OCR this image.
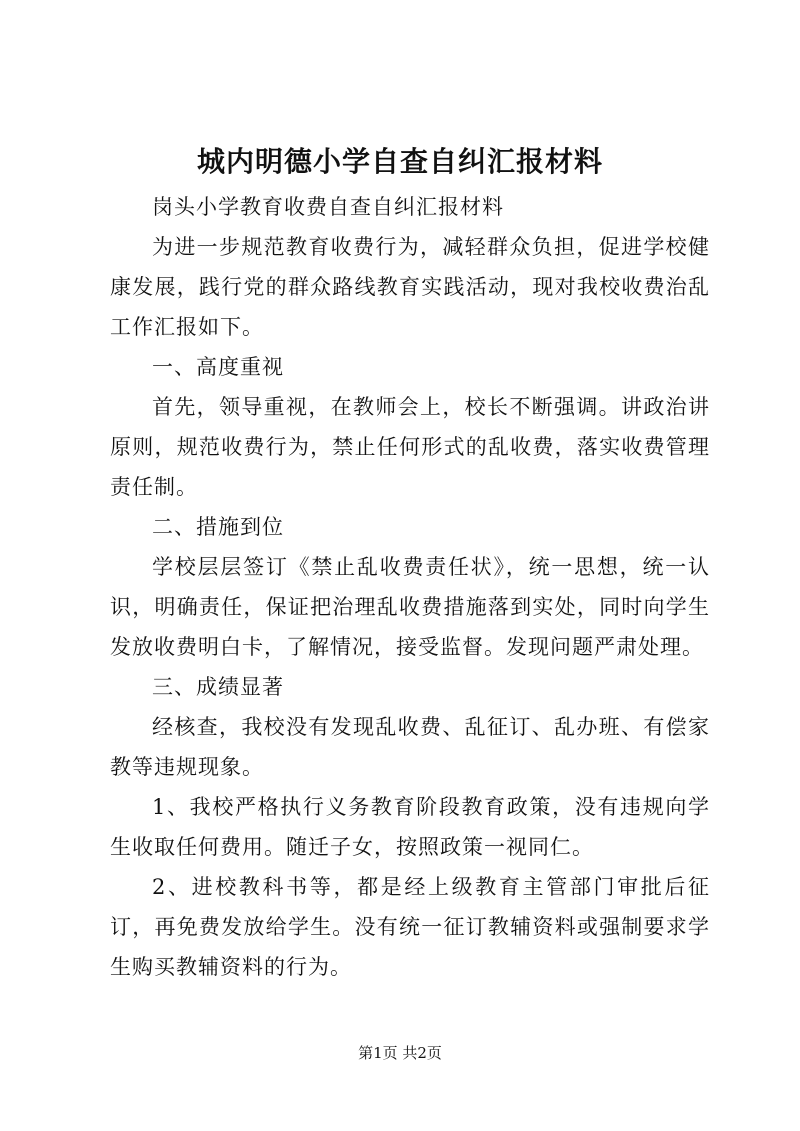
城内明德小学自查自纠汇报材料

岗头小学教育收费自查自纠汇报材料

为进一步规范教育收费行为，减轻群众负担，促进学校健康发展，践行党的群众路线教育实践活动，现对我校收费治乱工作汇报如下。

一、高度重视

首先，领导重视，在教师会上，校长不断强调。讲政治讲原则，规范收费行为，禁止任何形式的乱收费，落实收费管理责任制。

二、措施到位

学校层层签订《禁止乱收费责任状》，统一思想，统一认识，明确责任，保证把治理乱收费措施落到实处，同时向学生发放收费明白卡，了解情况，接受监督。发现问题严肃处理。

三、成绩显著

经核查，我校没有发现乱收费、乱征订、乱办班、有偿家教等违规现象。

1、我校严格执行义务教育阶段教育政策，没有违规向学生收取任何费用。随迁子女，按照政策一视同仁。

2、进校教科书等，都是经上级教育主管部门审批后征订，再免费发放给学生。没有统一征订教辅资料或强制要求学生购买教辅资料的行为。

第1页 共2页
